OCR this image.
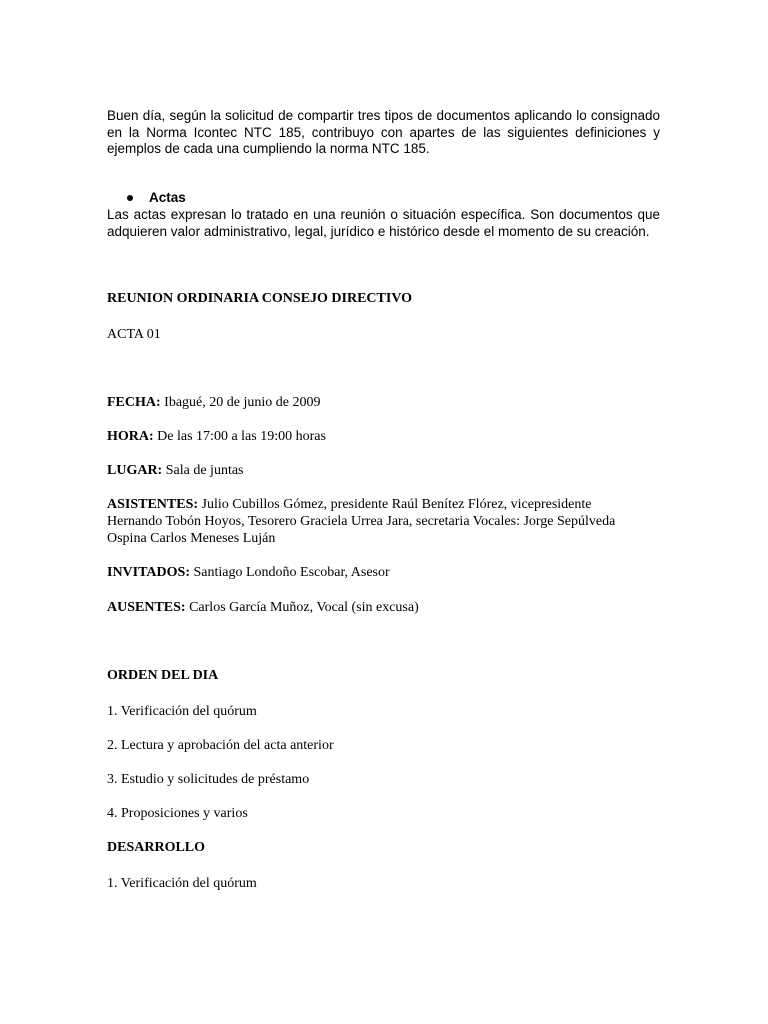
Buen día, según la solicitud de compartir tres tipos de documentos aplicando lo consignado en la Norma Icontec NTC 185, contribuyo con apartes de las siguientes definiciones y ejemplos de cada una cumpliendo la norma NTC 185.

Actas

Las actas expresan lo tratado en una reunión o situación específica. Son documentos que adquieren valor administrativo, legal, jurídico e histórico desde el momento de su creación.

REUNION ORDINARIA CONSEJO DIRECTIVO

ACTA 01

FECHA: Ibagué, 20 de junio de 2009

HORA: De las 17:00 a las 19:00 horas

LUGAR: Sala de juntas

ASISTENTES: Julio Cubillos Gómez, presidente Raúl Benítez Flórez, vicepresidente Hernando Tobón Hoyos, Tesorero Graciela Urrea Jara, secretaria Vocales: Jorge Sepúlveda Ospina Carlos Meneses Luján

INVITADOS: Santiago Londoño Escobar, Asesor

AUSENTES: Carlos García Muñoz, Vocal (sin excusa)

ORDEN DEL DIA

1. Verificación del quórum

2. Lectura y aprobación del acta anterior

3. Estudio y solicitudes de préstamo

4. Proposiciones y varios

DESARROLLO

1. Verificación del quórum
